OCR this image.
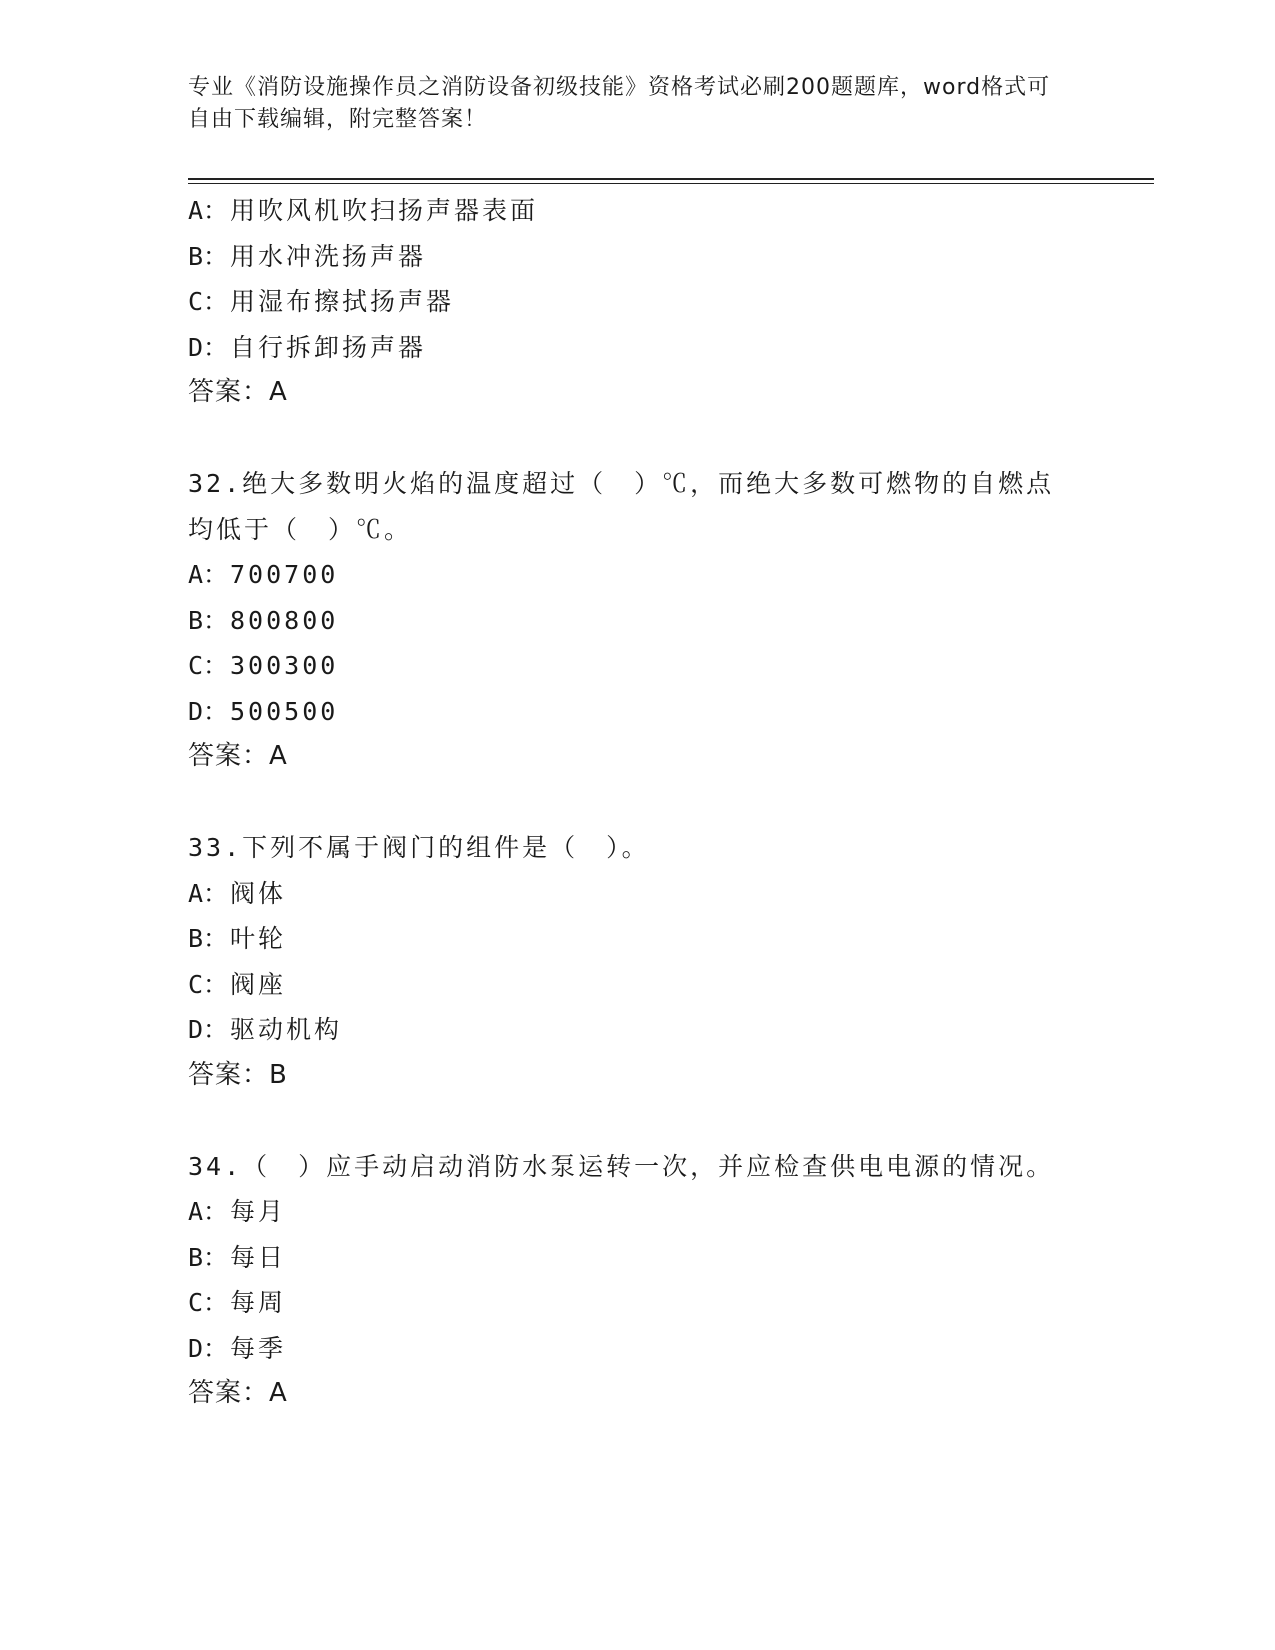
专业《消防设施操作员之消防设备初级技能》资格考试必刷200题题库，word格式可自由下载编辑，附完整答案！
A：用吹风机吹扫扬声器表面
B：用水冲洗扬声器
C：用湿布擦拭扬声器
D：自行拆卸扬声器
答案：A
32.绝大多数明火焰的温度超过（　）℃，而绝大多数可燃物的自燃点均低于（　）℃。
A：700700
B：800800
C：300300
D：500500
答案：A
33.下列不属于阀门的组件是（　）。
A：阀体
B：叶轮
C：阀座
D：驱动机构
答案：B
34.（　）应手动启动消防水泵运转一次，并应检查供电电源的情况。
A：每月
B：每日
C：每周
D：每季
答案：A
